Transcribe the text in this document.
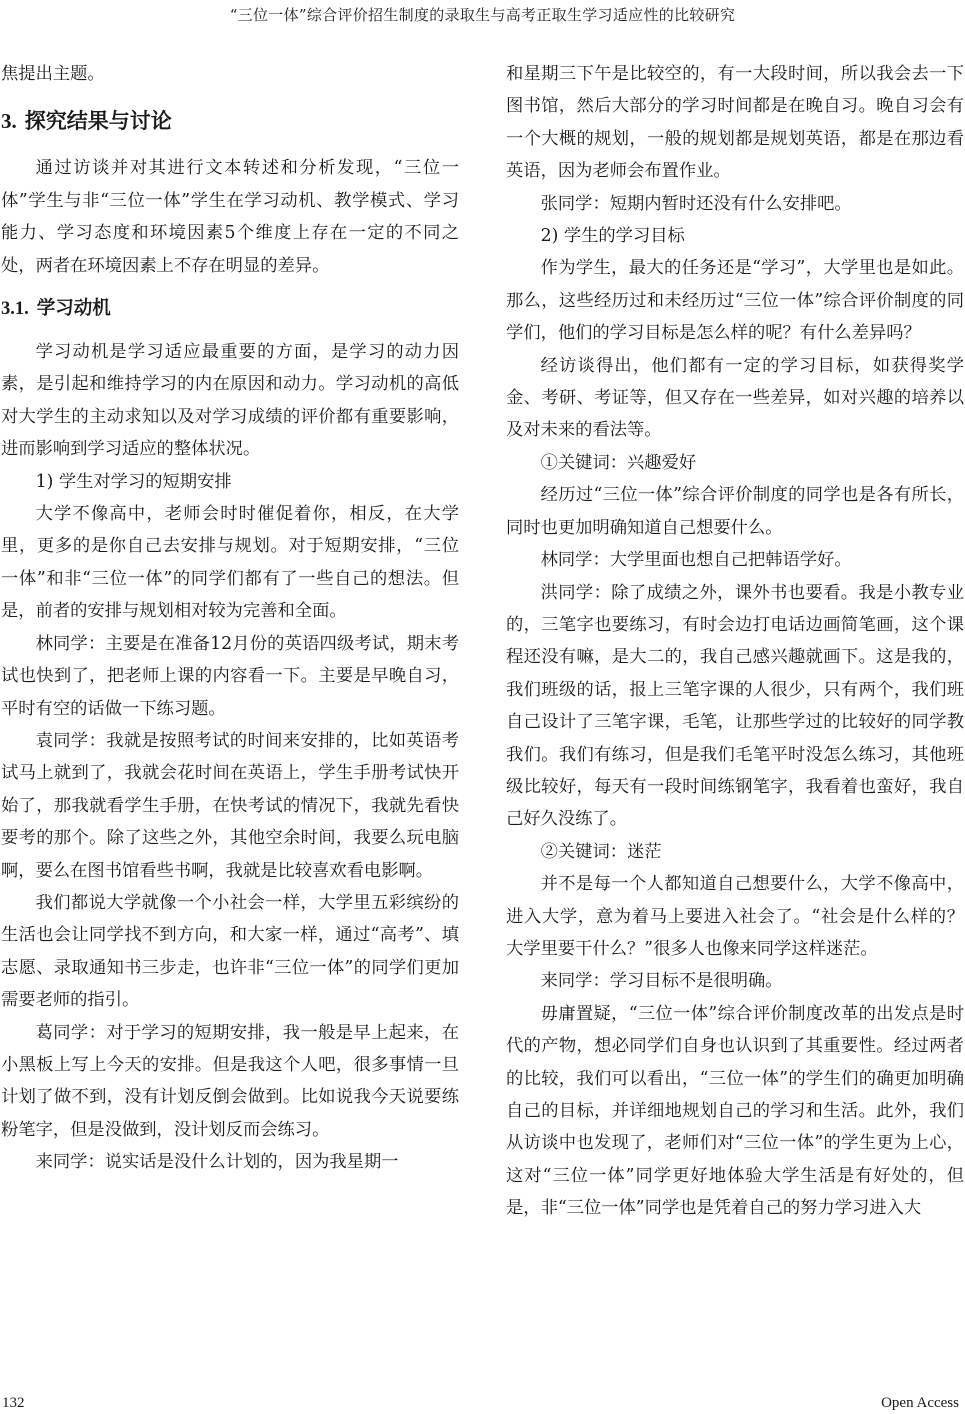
“三位一体”综合评价招生制度的录取生与高考正取生学习适应性的比较研究

焦提出主题。

3. 探究结果与讨论

通过访谈并对其进行文本转述和分析发现，“三位一体”学生与非“三位一体”学生在学习动机、教学模式、学习能力、学习态度和环境因素5个维度上存在一定的不同之处，两者在环境因素上不存在明显的差异。

3.1. 学习动机

学习动机是学习适应最重要的方面，是学习的动力因素，是引起和维持学习的内在原因和动力。学习动机的高低对大学生的主动求知以及对学习成绩的评价都有重要影响，进而影响到学习适应的整体状况。

1) 学生对学习的短期安排

大学不像高中，老师会时时催促着你，相反，在大学里，更多的是你自己去安排与规划。对于短期安排，“三位一体”和非“三位一体”的同学们都有了一些自己的想法。但是，前者的安排与规划相对较为完善和全面。

林同学：主要是在准备12月份的英语四级考试，期末考试也快到了，把老师上课的内容看一下。主要是早晚自习，平时有空的话做一下练习题。

袁同学：我就是按照考试的时间来安排的，比如英语考试马上就到了，我就会花时间在英语上，学生手册考试快开始了，那我就看学生手册，在快考试的情况下，我就先看快要考的那个。除了这些之外，其他空余时间，我要么玩电脑啊，要么在图书馆看些书啊，我就是比较喜欢看电影啊。

我们都说大学就像一个小社会一样，大学里五彩缤纷的生活也会让同学找不到方向，和大家一样，通过“高考”、填志愿、录取通知书三步走，也许非“三位一体”的同学们更加需要老师的指引。

葛同学：对于学习的短期安排，我一般是早上起来，在小黑板上写上今天的安排。但是我这个人吧，很多事情一旦计划了做不到，没有计划反倒会做到。比如说我今天说要练粉笔字，但是没做到，没计划反而会练习。

来同学：说实话是没什么计划的，因为我星期一

和星期三下午是比较空的，有一大段时间，所以我会去一下图书馆，然后大部分的学习时间都是在晚自习。晚自习会有一个大概的规划，一般的规划都是规划英语，都是在那边看英语，因为老师会布置作业。

张同学：短期内暂时还没有什么安排吧。

2) 学生的学习目标

作为学生，最大的任务还是“学习”，大学里也是如此。那么，这些经历过和未经历过“三位一体”综合评价制度的同学们，他们的学习目标是怎么样的呢？有什么差异吗？

经访谈得出，他们都有一定的学习目标，如获得奖学金、考研、考证等，但又存在一些差异，如对兴趣的培养以及对未来的看法等。

①关键词：兴趣爱好

经历过“三位一体”综合评价制度的同学也是各有所长，同时也更加明确知道自己想要什么。

林同学：大学里面也想自己把韩语学好。

洪同学：除了成绩之外，课外书也要看。我是小教专业的，三笔字也要练习，有时会边打电话边画简笔画，这个课程还没有嘛，是大二的，我自己感兴趣就画下。这是我的，我们班级的话，报上三笔字课的人很少，只有两个，我们班自己设计了三笔字课，毛笔，让那些学过的比较好的同学教我们。我们有练习，但是我们毛笔平时没怎么练习，其他班级比较好，每天有一段时间练钢笔字，我看着也蛮好，我自己好久没练了。

②关键词：迷茫

并不是每一个人都知道自己想要什么，大学不像高中，进入大学，意为着马上要进入社会了。“社会是什么样的？大学里要干什么？”很多人也像来同学这样迷茫。

来同学：学习目标不是很明确。

毋庸置疑，“三位一体”综合评价制度改革的出发点是时代的产物，想必同学们自身也认识到了其重要性。经过两者的比较，我们可以看出，“三位一体”的学生们的确更加明确自己的目标，并详细地规划自己的学习和生活。此外，我们从访谈中也发现了，老师们对“三位一体”的学生更为上心，这对“三位一体”同学更好地体验大学生活是有好处的，但是，非“三位一体”同学也是凭着自己的努力学习进入大

132	Open Access
